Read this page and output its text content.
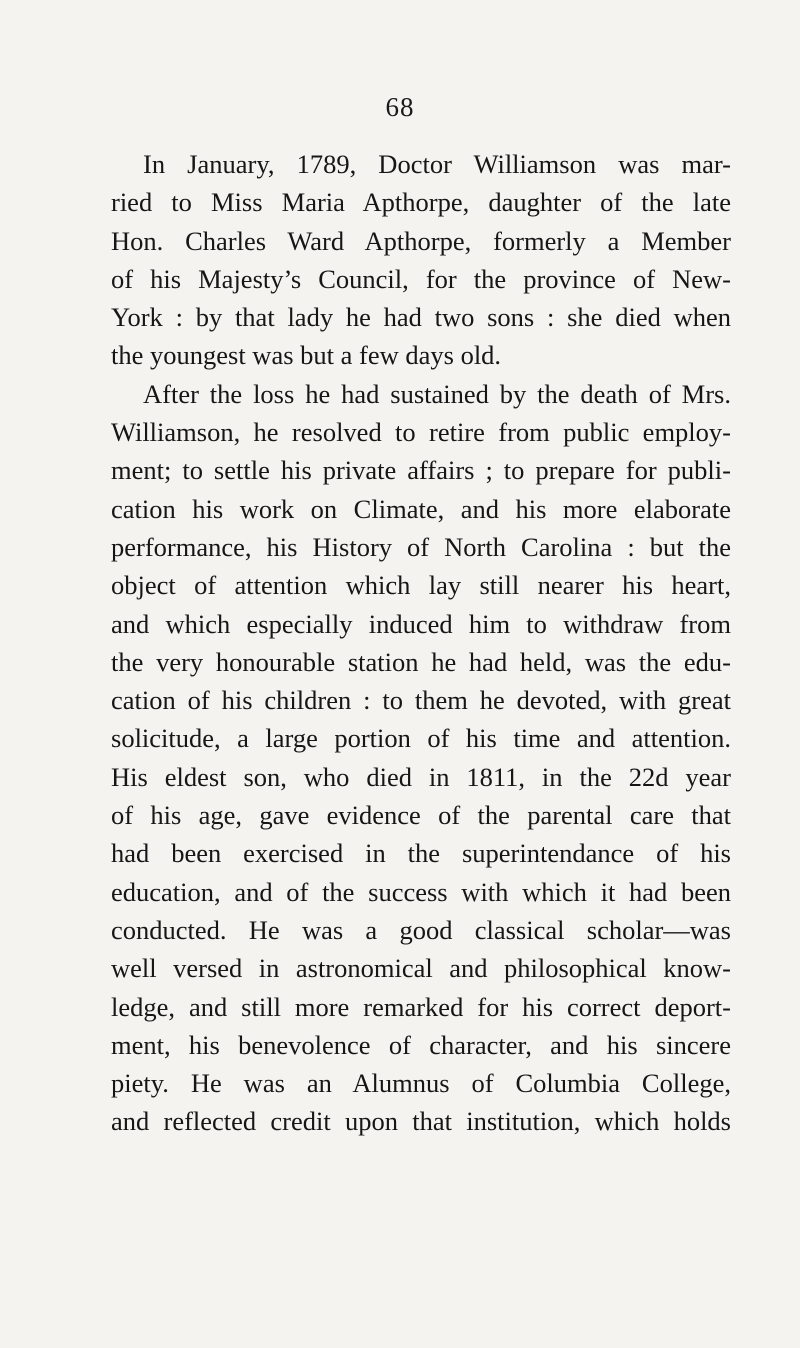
68
In January, 1789, Doctor Williamson was mar-
ried to Miss Maria Apthorpe, daughter of the late
Hon. Charles Ward Apthorpe, formerly a Member
of his Majesty’s Council, for the province of New-
York : by that lady he had two sons : she died when
the youngest was but a few days old.
After the loss he had sustained by the death of Mrs.
Williamson, he resolved to retire from public employ-
ment; to settle his private affairs ; to prepare for publi-
cation his work on Climate, and his more elaborate
performance, his History of North Carolina : but the
object of attention which lay still nearer his heart,
and which especially induced him to withdraw from
the very honourable station he had held, was the edu-
cation of his children : to them he devoted, with great
solicitude, a large portion of his time and attention.
His eldest son, who died in 1811, in the 22d year
of his age, gave evidence of the parental care that
had been exercised in the superintendance of his
education, and of the success with which it had been
conducted. He was a good classical scholar—was
well versed in astronomical and philosophical know-
ledge, and still more remarked for his correct deport-
ment, his benevolence of character, and his sincere
piety. He was an Alumnus of Columbia College,
and reflected credit upon that institution, which holds
